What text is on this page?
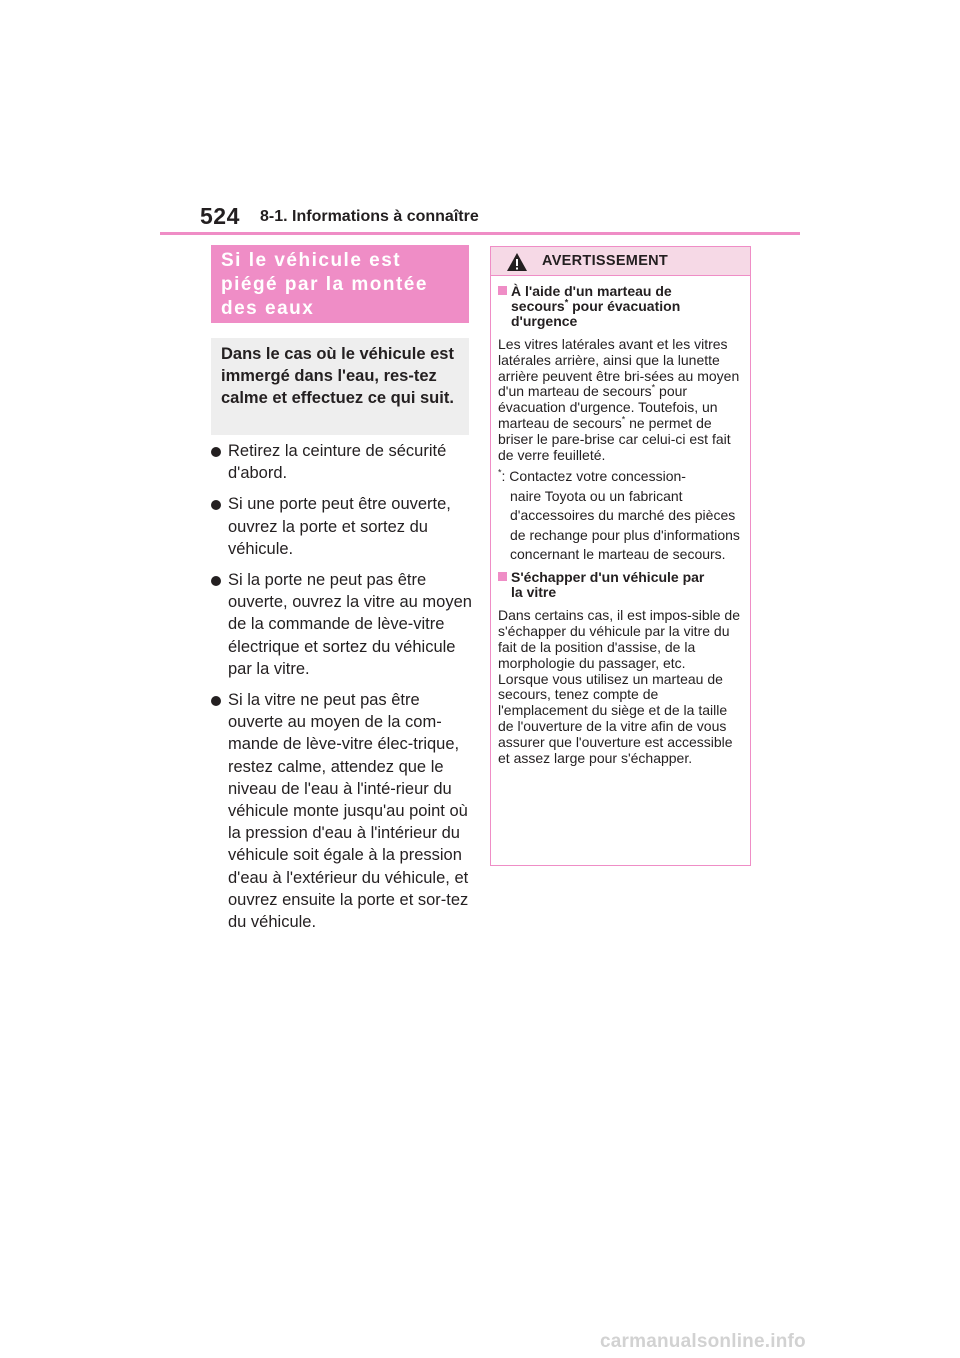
524 8-1. Informations à connaître
Si le véhicule est
piégé par la montée
des eaux

Dans le cas où le véhicule est immergé dans l'eau, res-tez calme et effectuez ce qui suit.

Retirez la ceinture de sécurité d'abord.
Si une porte peut être ouverte, ouvrez la porte et sortez du véhicule.
Si la porte ne peut pas être ouverte, ouvrez la vitre au moyen de la commande de lève-vitre électrique et sortez du véhicule par la vitre.
Si la vitre ne peut pas être ouverte au moyen de la com-mande de lève-vitre élec-trique, restez calme, attendez que le niveau de l'eau à l'inté-rieur du véhicule monte jusqu'au point où la pression d'eau à l'intérieur du véhicule soit égale à la pression d'eau à l'extérieur du véhicule, et ouvrez ensuite la porte et sor-tez du véhicule.
AVERTISSEMENT
À l'aide d'un marteau de
secours* pour évacuation
d'urgence

Les vitres latérales avant et les vitres latérales arrière, ainsi que la lunette arrière peuvent être bri-sées au moyen d'un marteau de secours* pour évacuation d'urgence. Toutefois, un marteau de secours* ne permet de briser le pare-brise car celui-ci est fait de verre feuilleté.

*: Contactez votre concession-
naire Toyota ou un fabricant d'accessoires du marché des pièces de rechange pour plus d'informations concernant le marteau de secours.

S'échapper d'un véhicule par
la vitre

Dans certains cas, il est impos-sible de s'échapper du véhicule par la vitre du fait de la position d'assise, de la morphologie du passager, etc.

Lorsque vous utilisez un marteau de secours, tenez compte de l'emplacement du siège et de la taille de l'ouverture de la vitre afin de vous assurer que l'ouverture est accessible et assez large pour s'échapper.

carmanualsonline.info
